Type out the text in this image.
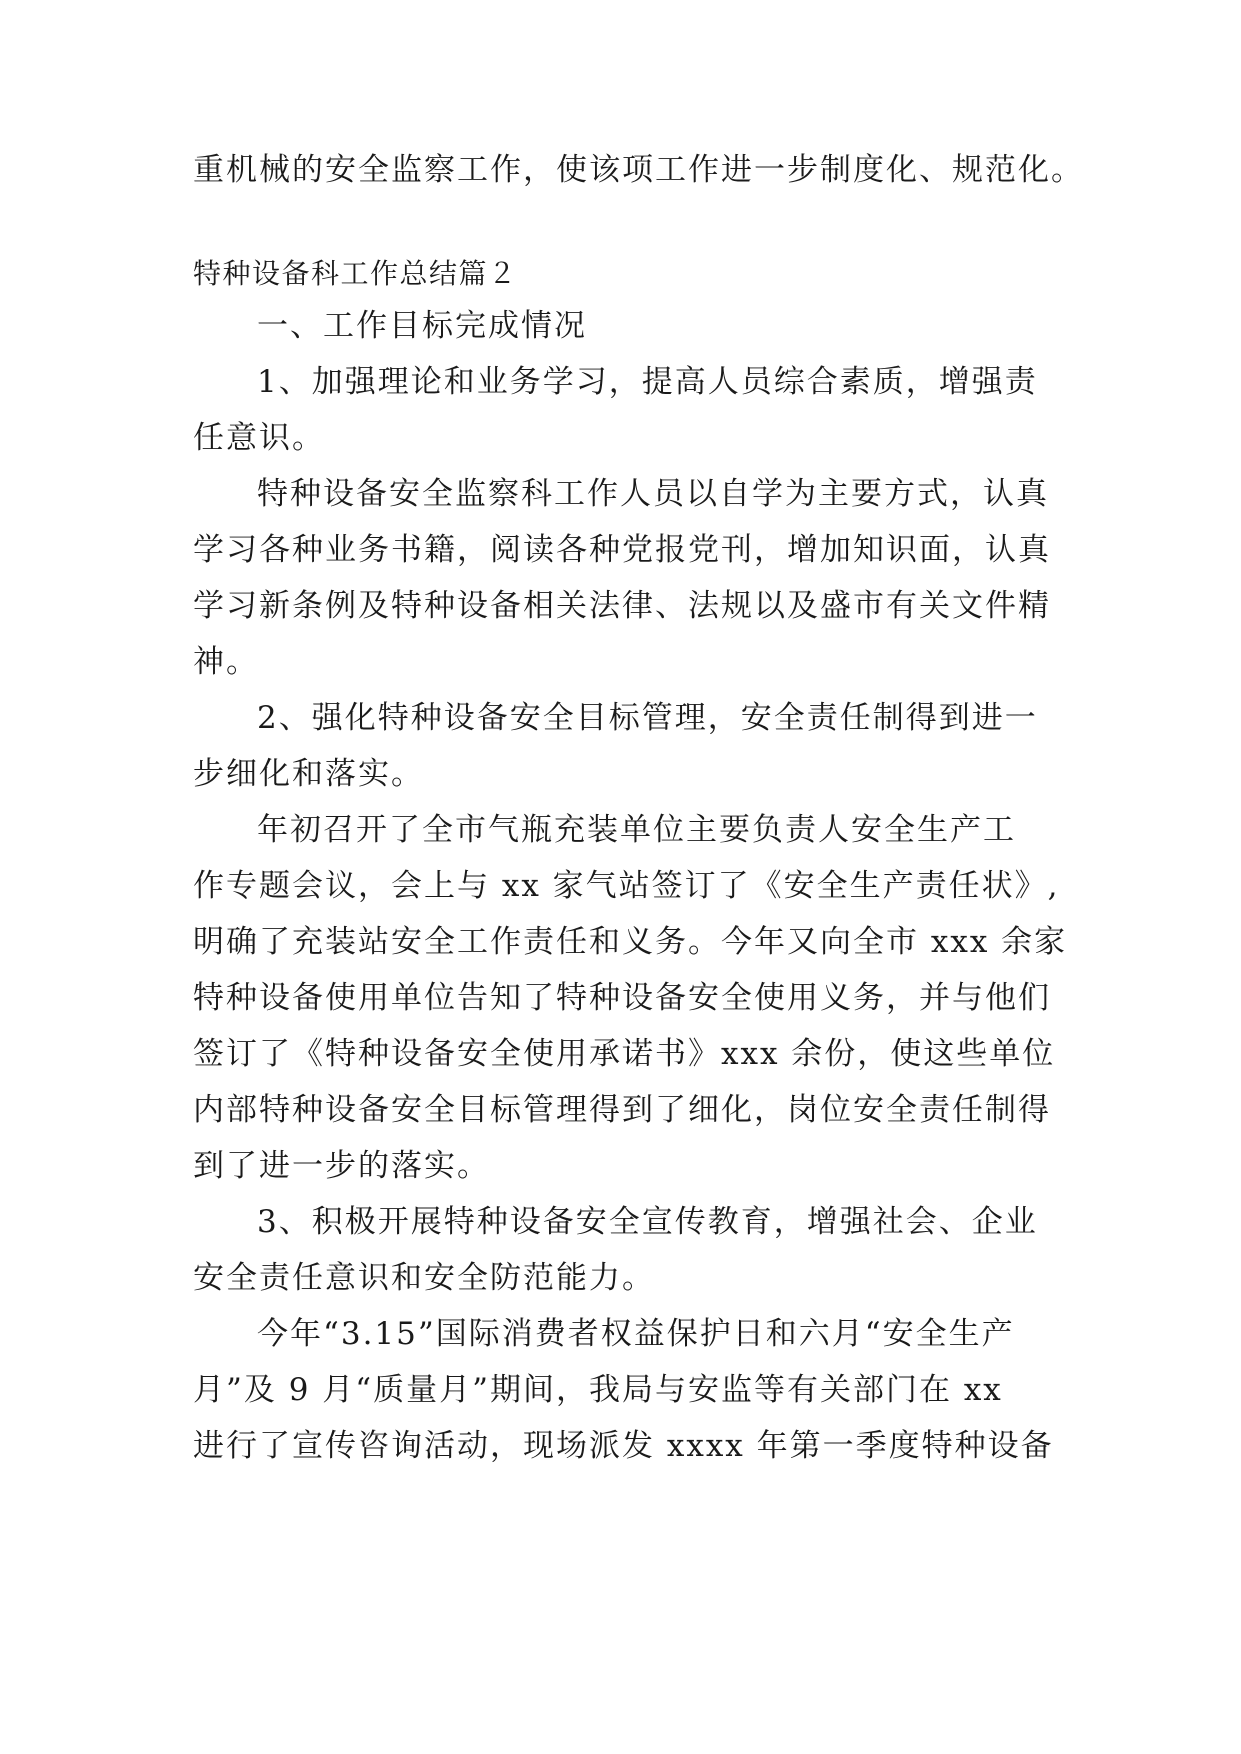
重机械的安全监察工作，使该项工作进一步制度化、规范化。
特种设备科工作总结篇２
一、工作目标完成情况
1、加强理论和业务学习，提高人员综合素质，增强责
任意识。
特种设备安全监察科工作人员以自学为主要方式，认真
学习各种业务书籍，阅读各种党报党刊，增加知识面，认真
学习新条例及特种设备相关法律、法规以及盛市有关文件精
神。
2、强化特种设备安全目标管理，安全责任制得到进一
步细化和落实。
年初召开了全市气瓶充装单位主要负责人安全生产工
作专题会议，会上与 xx 家气站签订了《安全生产责任状》,
明确了充装站安全工作责任和义务。今年又向全市 xxx 余家
特种设备使用单位告知了特种设备安全使用义务，并与他们
签订了《特种设备安全使用承诺书》xxx 余份，使这些单位
内部特种设备安全目标管理得到了细化，岗位安全责任制得
到了进一步的落实。
3、积极开展特种设备安全宣传教育，增强社会、企业
安全责任意识和安全防范能力。
今年“3.15”国际消费者权益保护日和六月“安全生产
月”及 9 月“质量月”期间，我局与安监等有关部门在 xx
进行了宣传咨询活动，现场派发 xxxx 年第一季度特种设备
